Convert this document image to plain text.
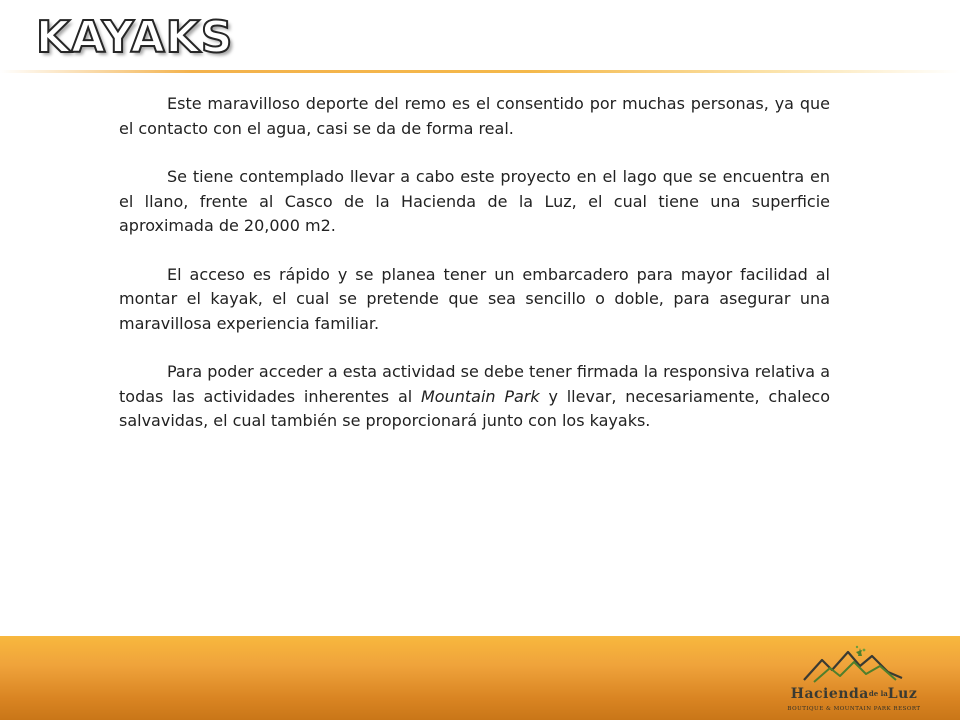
KAYAKS

Este maravilloso deporte del remo es el consentido por muchas personas, ya que el contacto con el agua, casi se da de forma real.

Se tiene contemplado llevar a cabo este proyecto en el lago que se encuentra en el llano, frente al Casco de la Hacienda de la Luz, el cual tiene una superficie aproximada de 20,000 m2.

El acceso es rápido y se planea tener un embarcadero para mayor facilidad al montar el kayak, el cual se pretende que sea sencillo o doble, para asegurar una maravillosa experiencia familiar.

Para poder acceder a esta actividad se debe tener firmada la responsiva relativa a todas las actividades inherentes al Mountain Park y llevar, necesariamente, chaleco salvavidas, el cual también se proporcionará junto con los kayaks.

Haciendade laLuz
BOUTIQUE & MOUNTAIN PARK RESORT
